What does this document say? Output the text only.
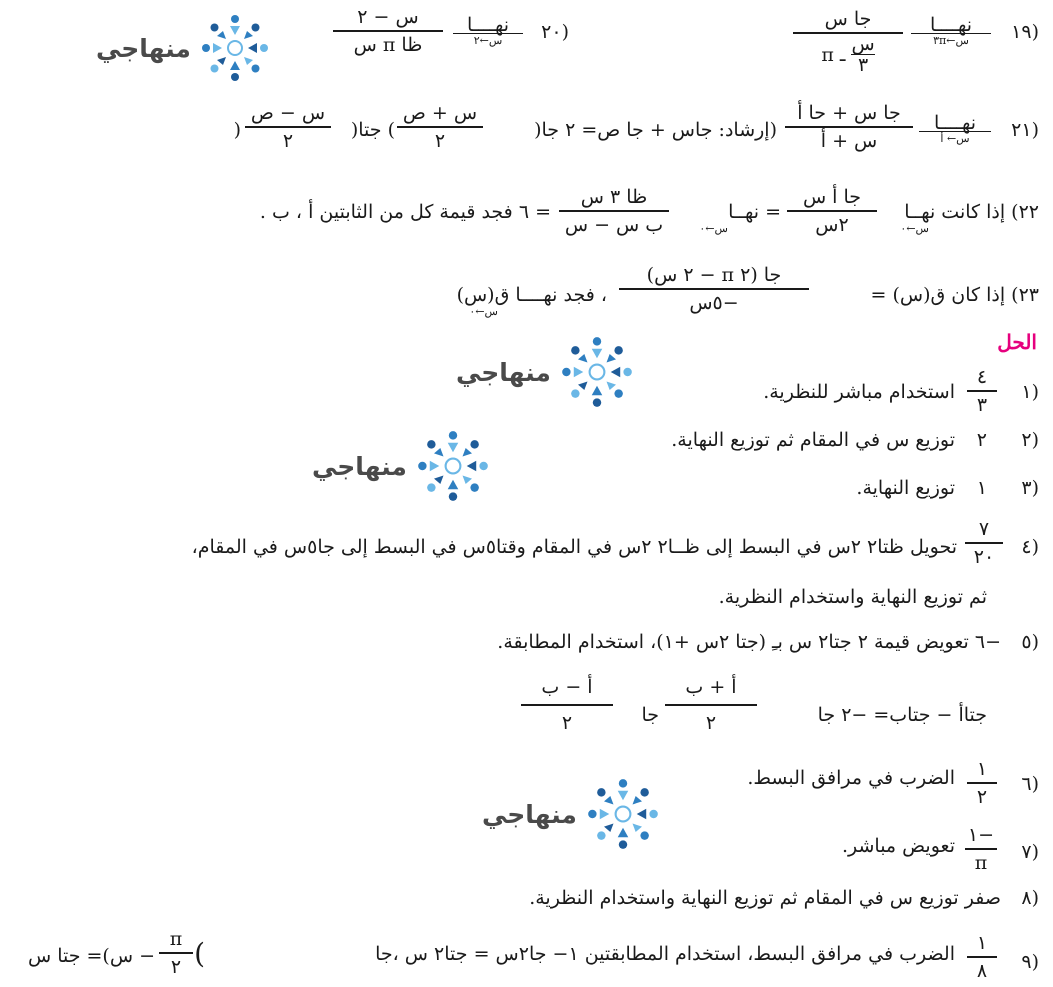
١٩)
نهــــا
س←٣π
جا س
س
٣
ـ π
٢٠)
نهــــا
س←٢
س − ٢
ظا π س
منهاجي
٢١)
نهــــا
س← أ
جا س + حا أ
س + أ
(إرشاد: جاس + جا ص= ٢ جا(
س + ص
٢
) جتا(
س − ص
٢
)
٢٢) إذا كانت نهــا
س←٠
جا أ س
٢س
= نهــا
س←٠
ظا ٣ س
ب س − س
= ٦ فجد قيمة كل من الثابتين أ ، ب .
٢٣) إذا كان ق(س) =
جا (٢ π − ٢ س)
−٥س
، فجد نهــــا ق(س)
س←٠
الحل
منهاجي
١)
٤
٣
استخدام مباشر للنظرية.
٢)
٢
توزيع س في المقام ثم توزيع النهاية.
منهاجي
٣)
١
توزيع النهاية.
٤)
٧
٢٠
تحويل ظتا٢ ٢س في البسط إلى ظــا٢ ٢س في المقام وقتا٥س في البسط إلى جا٥س في المقام،
ثم توزيع النهاية واستخدام النظرية.
٥)
−٦ تعويض قيمة ٢ جتا٢ س بـِ (جتا ٢س +١)، استخدام المطابقة.
جتاأ − جتاب= −٢ جا
أ + ب
٢
جا
أ − ب
٢
٦)
١
٢
الضرب في مرافق البسط.
منهاجي
٧)
−١
π
تعويض مباشر.
٨)
صفر توزيع س في المقام ثم توزيع النهاية واستخدام النظرية.
٩)
١
٨
الضرب في مرافق البسط، استخدام المطابقتين ١− جا٢س = جتا٢ س ،جا
(
π
٢
− س)= جتا س
